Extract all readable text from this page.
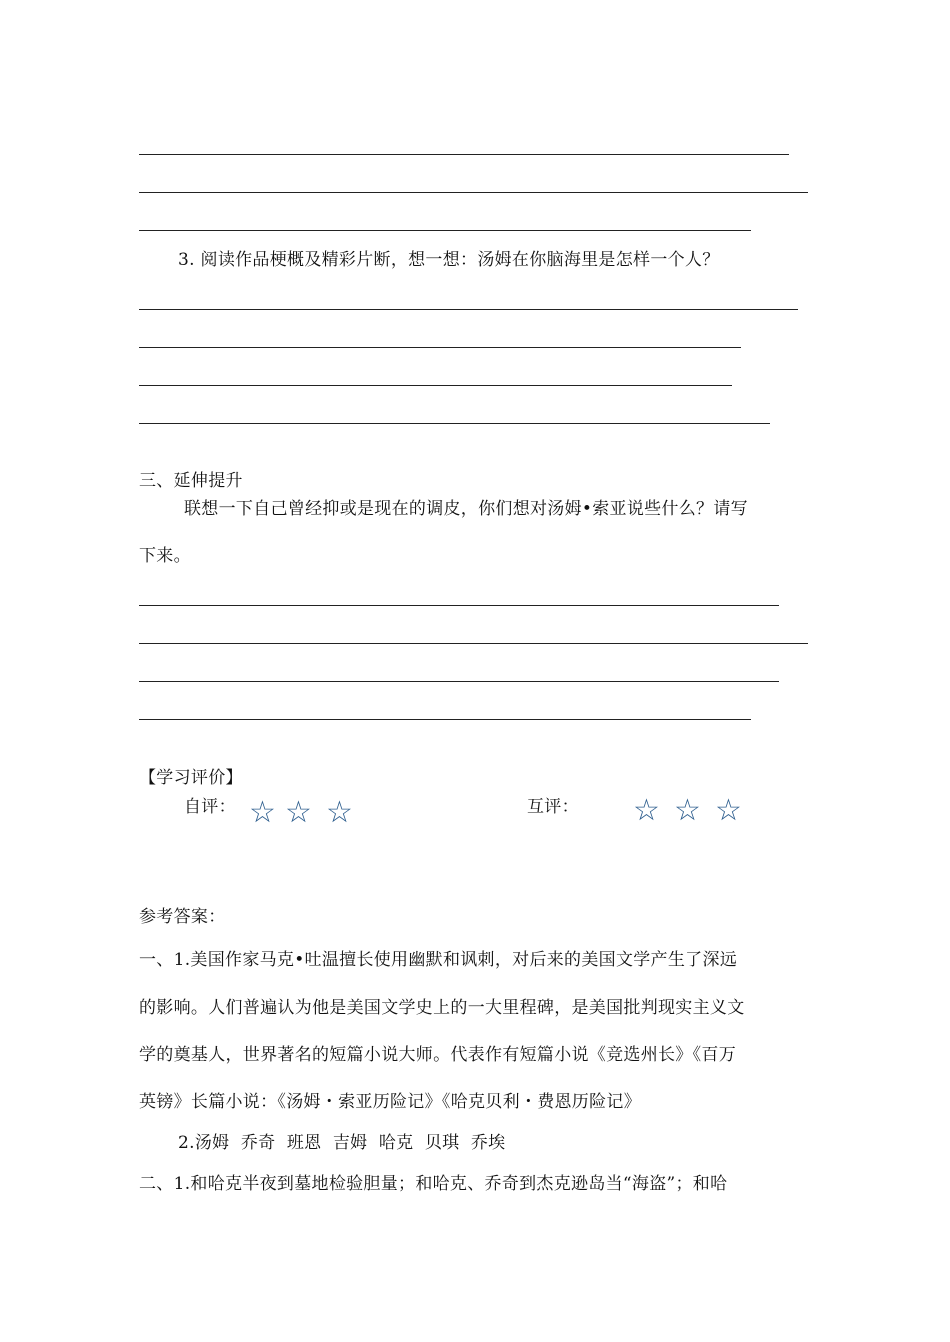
3. 阅读作品梗概及精彩片断，想一想：汤姆在你脑海里是怎样一个人？
三、延伸提升
联想一下自己曾经抑或是现在的调皮，你们想对汤姆•索亚说些什么？请写
下来。
【学习评价】
自评： ☆ ☆ ☆	互评： ☆ ☆ ☆
参考答案：
一、1.美国作家马克•吐温擅长使用幽默和讽刺，对后来的美国文学产生了深远
的影响。人们普遍认为他是美国文学史上的一大里程碑，是美国批判现实主义文
学的奠基人，世界著名的短篇小说大师。代表作有短篇小说《竞选州长》《百万
英镑》长篇小说：《汤姆・索亚历险记》《哈克贝利・费恩历险记》
2.汤姆  乔奇  班恩  吉姆  哈克  贝琪  乔埃
二、1.和哈克半夜到墓地检验胆量；和哈克、乔奇到杰克逊岛当“海盗”；和哈
